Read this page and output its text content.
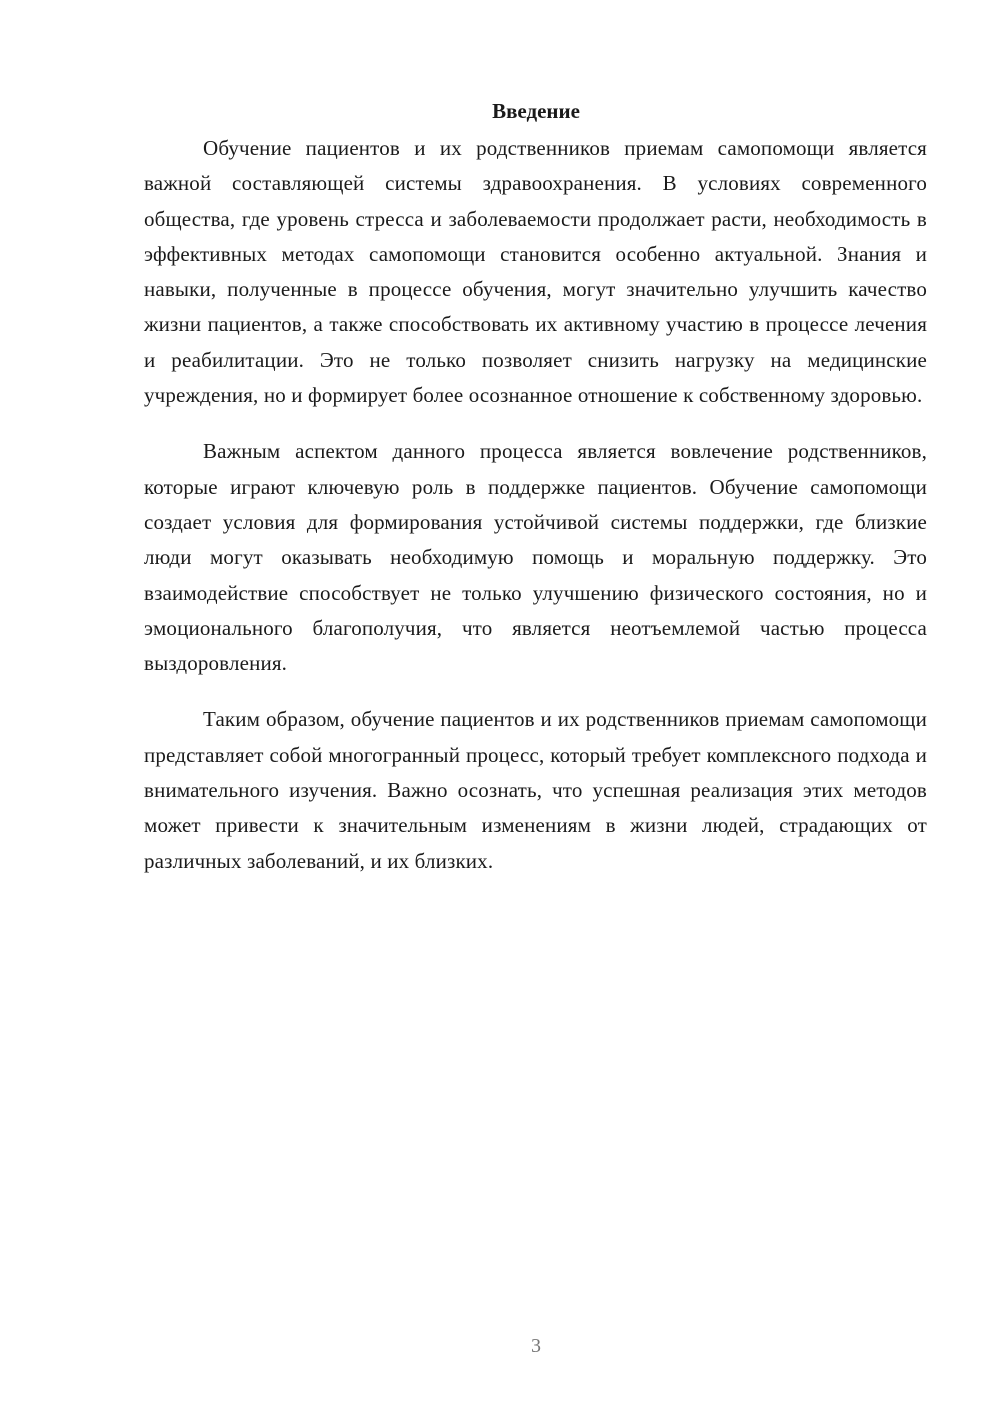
Введение

Обучение пациентов и их родственников приемам самопомощи является важной составляющей системы здравоохранения. В условиях современного общества, где уровень стресса и заболеваемости продолжает расти, необходимость в эффективных методах самопомощи становится особенно актуальной. Знания и навыки, полученные в процессе обучения, могут значительно улучшить качество жизни пациентов, а также способствовать их активному участию в процессе лечения и реабилитации. Это не только позволяет снизить нагрузку на медицинские учреждения, но и формирует более осознанное отношение к собственному здоровью.

Важным аспектом данного процесса является вовлечение родственников, которые играют ключевую роль в поддержке пациентов. Обучение самопомощи создает условия для формирования устойчивой системы поддержки, где близкие люди могут оказывать необходимую помощь и моральную поддержку. Это взаимодействие способствует не только улучшению физического состояния, но и эмоционального благополучия, что является неотъемлемой частью процесса выздоровления.

Таким образом, обучение пациентов и их родственников приемам самопомощи представляет собой многогранный процесс, который требует комплексного подхода и внимательного изучения. Важно осознать, что успешная реализация этих методов может привести к значительным изменениям в жизни людей, страдающих от различных заболеваний, и их близких.

3
